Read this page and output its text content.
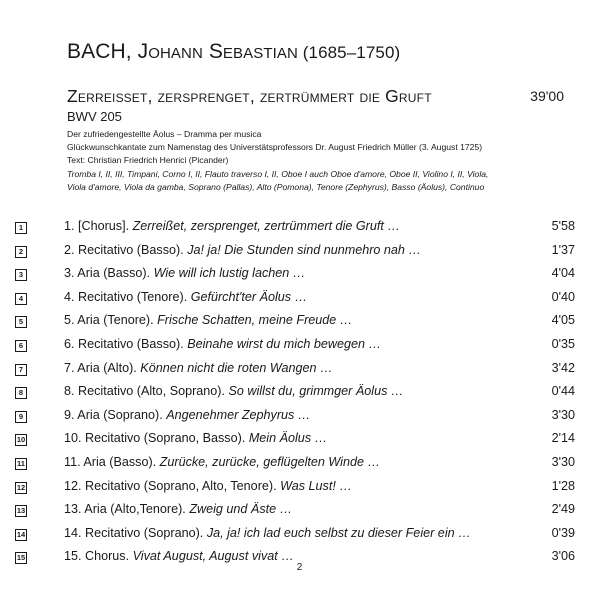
BACH, Johann Sebastian (1685–1750)
Zerreißet, zersprenget, zertrümmert die Gruft	39'00
BWV 205
Der zufriedengestellte Äolus – Dramma per musica
Glückwunschkantate zum Namenstag des Universtätsprofessors Dr. August Friedrich Müller (3. August 1725)
Text: Christian Friedrich Henrici (Picander)
Tromba I, II, III, Timpani, Corno I, II, Flauto traverso I, II, Oboe I auch Oboe d'amore, Oboe II, Violino I, II, Viola,
Viola d'amore, Viola da gamba, Soprano (Pallas), Alto (Pomona), Tenore (Zephyrus), Basso (Äolus), Continuo
1	1. [Chorus]. Zerreißet, zersprenget, zertrümmert die Gruft …	5'58
2	2. Recitativo (Basso). Ja! ja! Die Stunden sind nunmehro nah …	1'37
3	3. Aria (Basso). Wie will ich lustig lachen …	4'04
4	4. Recitativo (Tenore). Gefürcht'ter Äolus …	0'40
5	5. Aria (Tenore). Frische Schatten, meine Freude …	4'05
6	6. Recitativo (Basso). Beinahe wirst du mich bewegen …	0'35
7	7. Aria (Alto). Können nicht die roten Wangen …	3'42
8	8. Recitativo (Alto, Soprano). So willst du, grimmger Äolus …	0'44
9	9. Aria (Soprano). Angenehmer Zephyrus …	3'30
10	10. Recitativo (Soprano, Basso). Mein Äolus …	2'14
11	11. Aria (Basso). Zurücke, zurücke, geflügelten Winde …	3'30
12	12. Recitativo (Soprano, Alto, Tenore). Was Lust! …	1'28
13	13. Aria (Alto,Tenore). Zweig und Äste …	2'49
14	14. Recitativo (Soprano). Ja, ja! ich lad euch selbst zu dieser Feier ein …	0'39
15	15. Chorus. Vivat August, August vivat …	3'06
2
